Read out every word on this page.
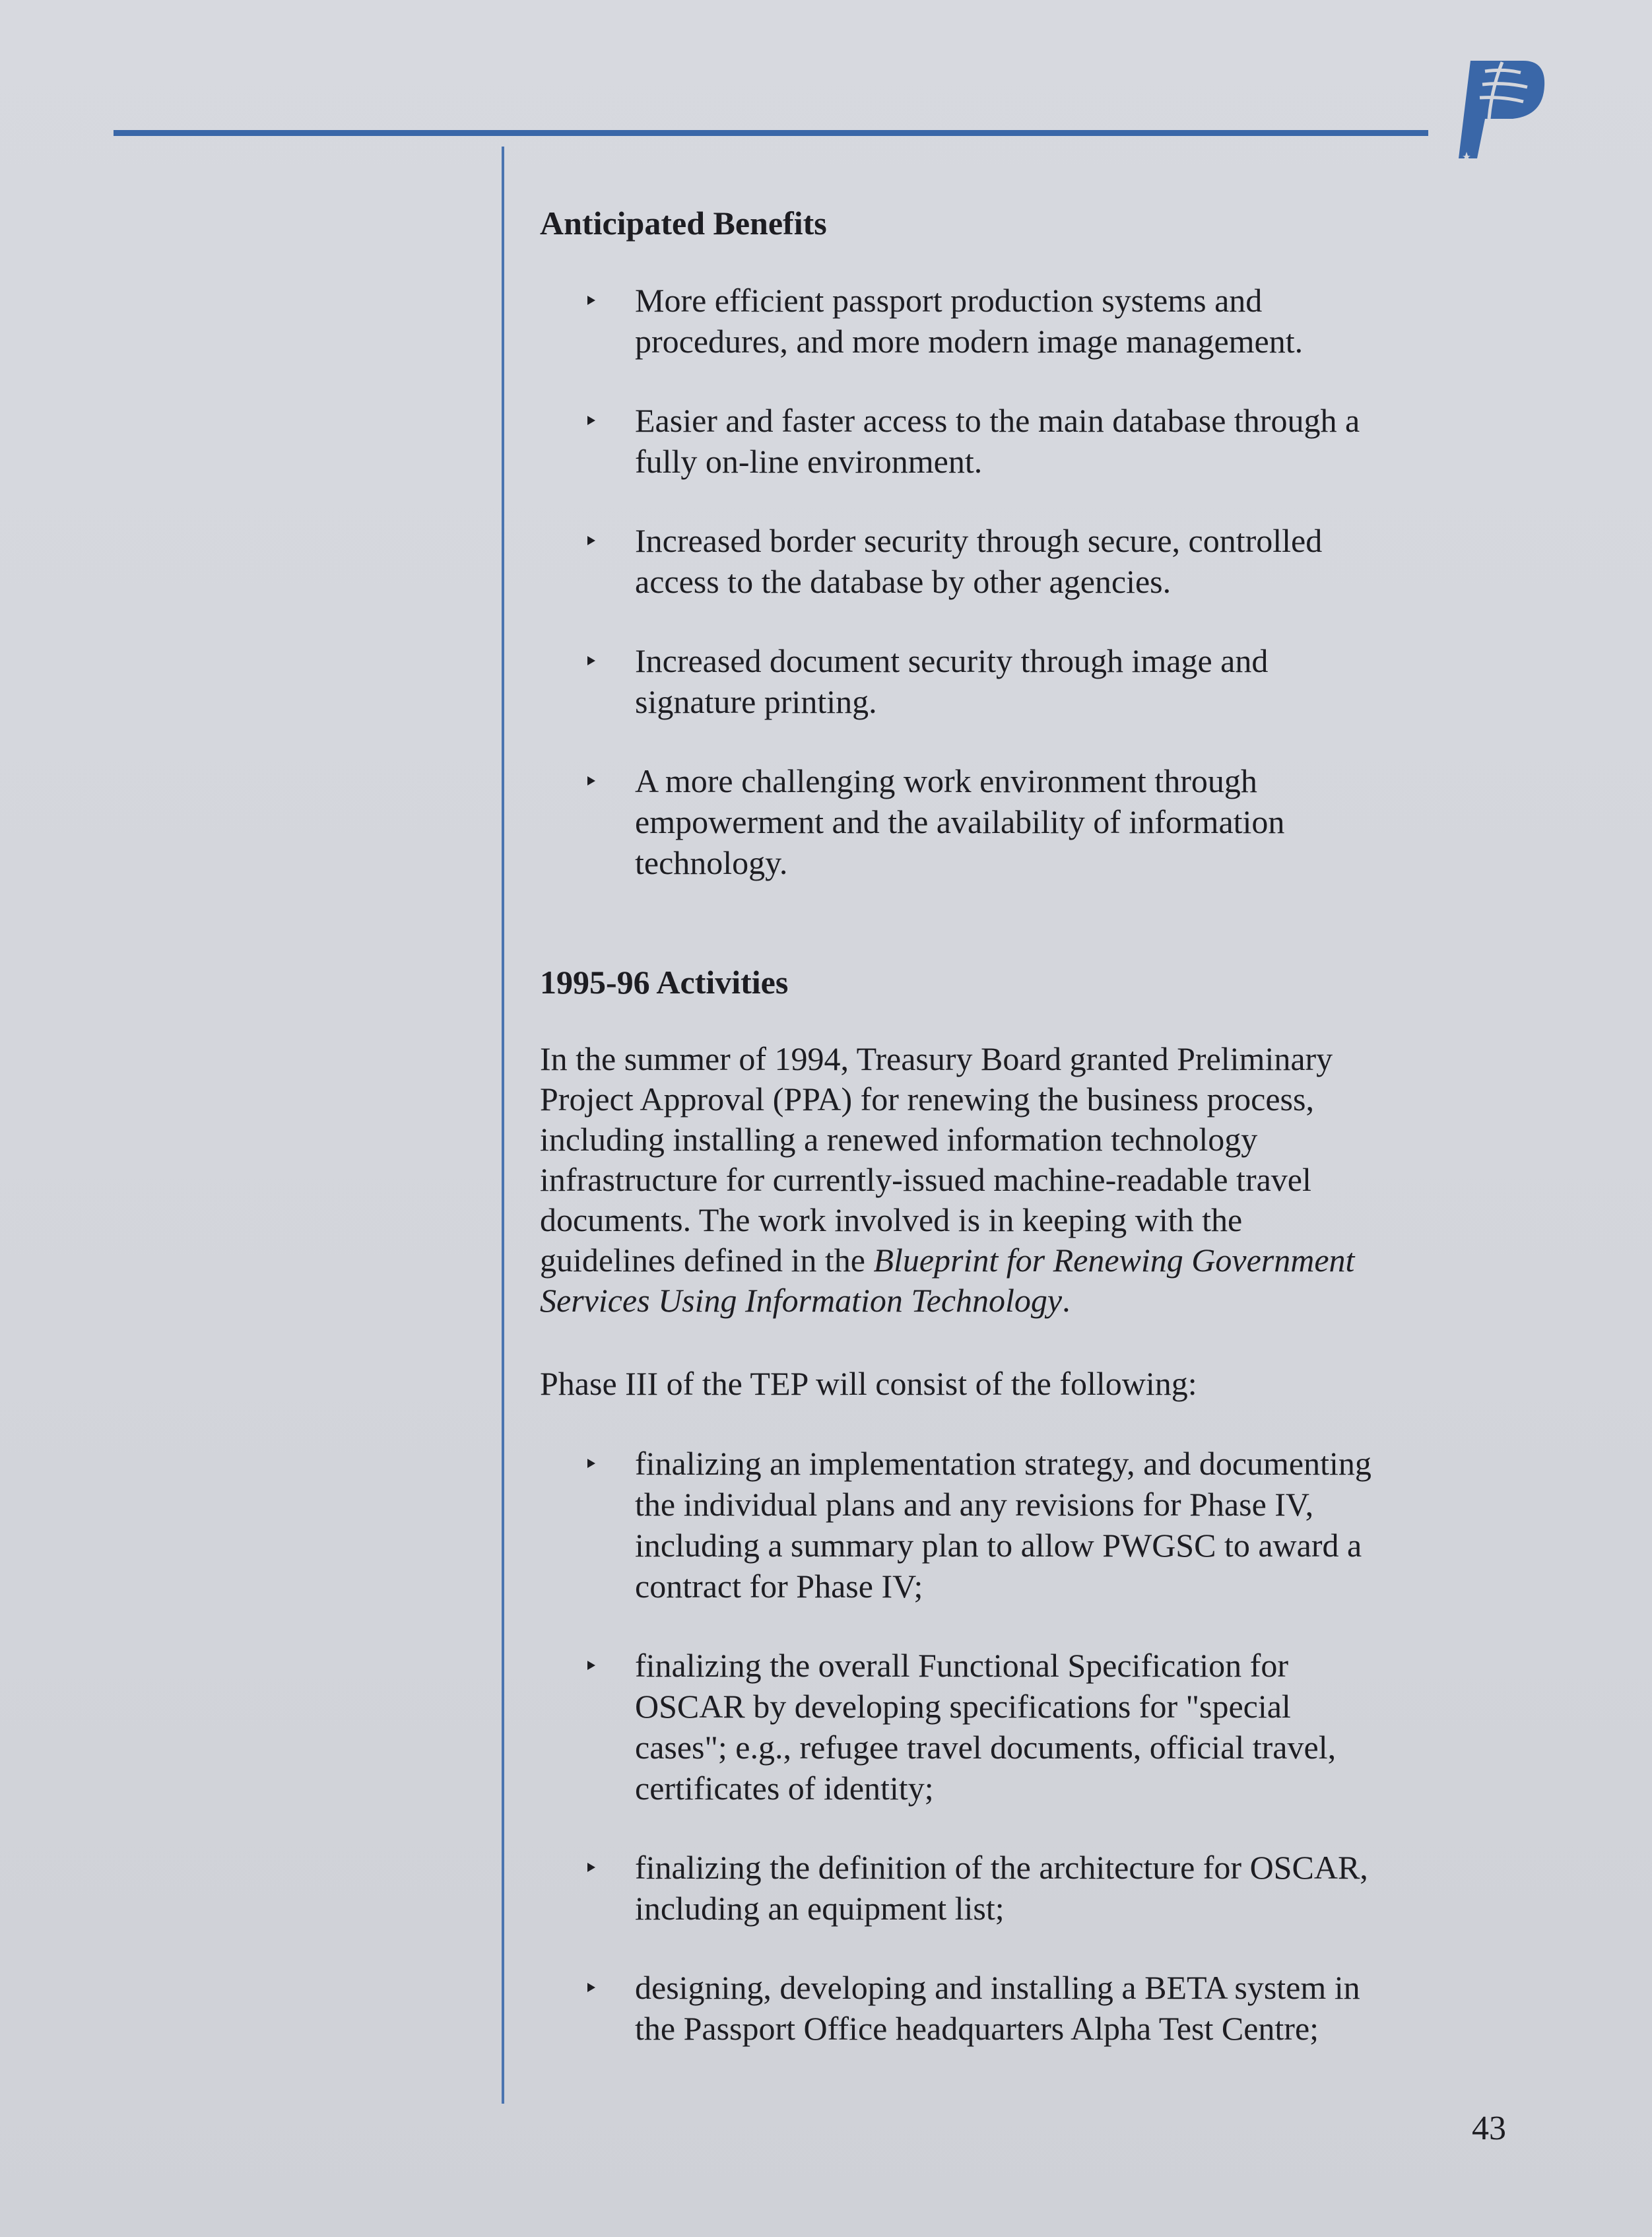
Anticipated Benefits
More efficient passport production systems and
procedures, and more modern image management.
Easier and faster access to the main database through a
fully on-line environment.
Increased border security through secure, controlled
access to the database by other agencies.
Increased document security through image and
signature printing.
A more challenging work environment through
empowerment and the availability of information
technology.
1995-96 Activities
In the summer of 1994, Treasury Board granted Preliminary
Project Approval (PPA) for renewing the business process,
including installing a renewed information technology
infrastructure for currently-issued machine-readable travel
documents. The work involved is in keeping with the
guidelines defined in the Blueprint for Renewing Government
Services Using Information Technology.

Phase III of the TEP will consist of the following:

finalizing an implementation strategy, and documenting
the individual plans and any revisions for Phase IV,
including a summary plan to allow PWGSC to award a
contract for Phase IV;
finalizing the overall Functional Specification for
OSCAR by developing specifications for "special
cases"; e.g., refugee travel documents, official travel,
certificates of identity;
finalizing the definition of the architecture for OSCAR,
including an equipment list;
designing, developing and installing a BETA system in
the Passport Office headquarters Alpha Test Centre;
43
